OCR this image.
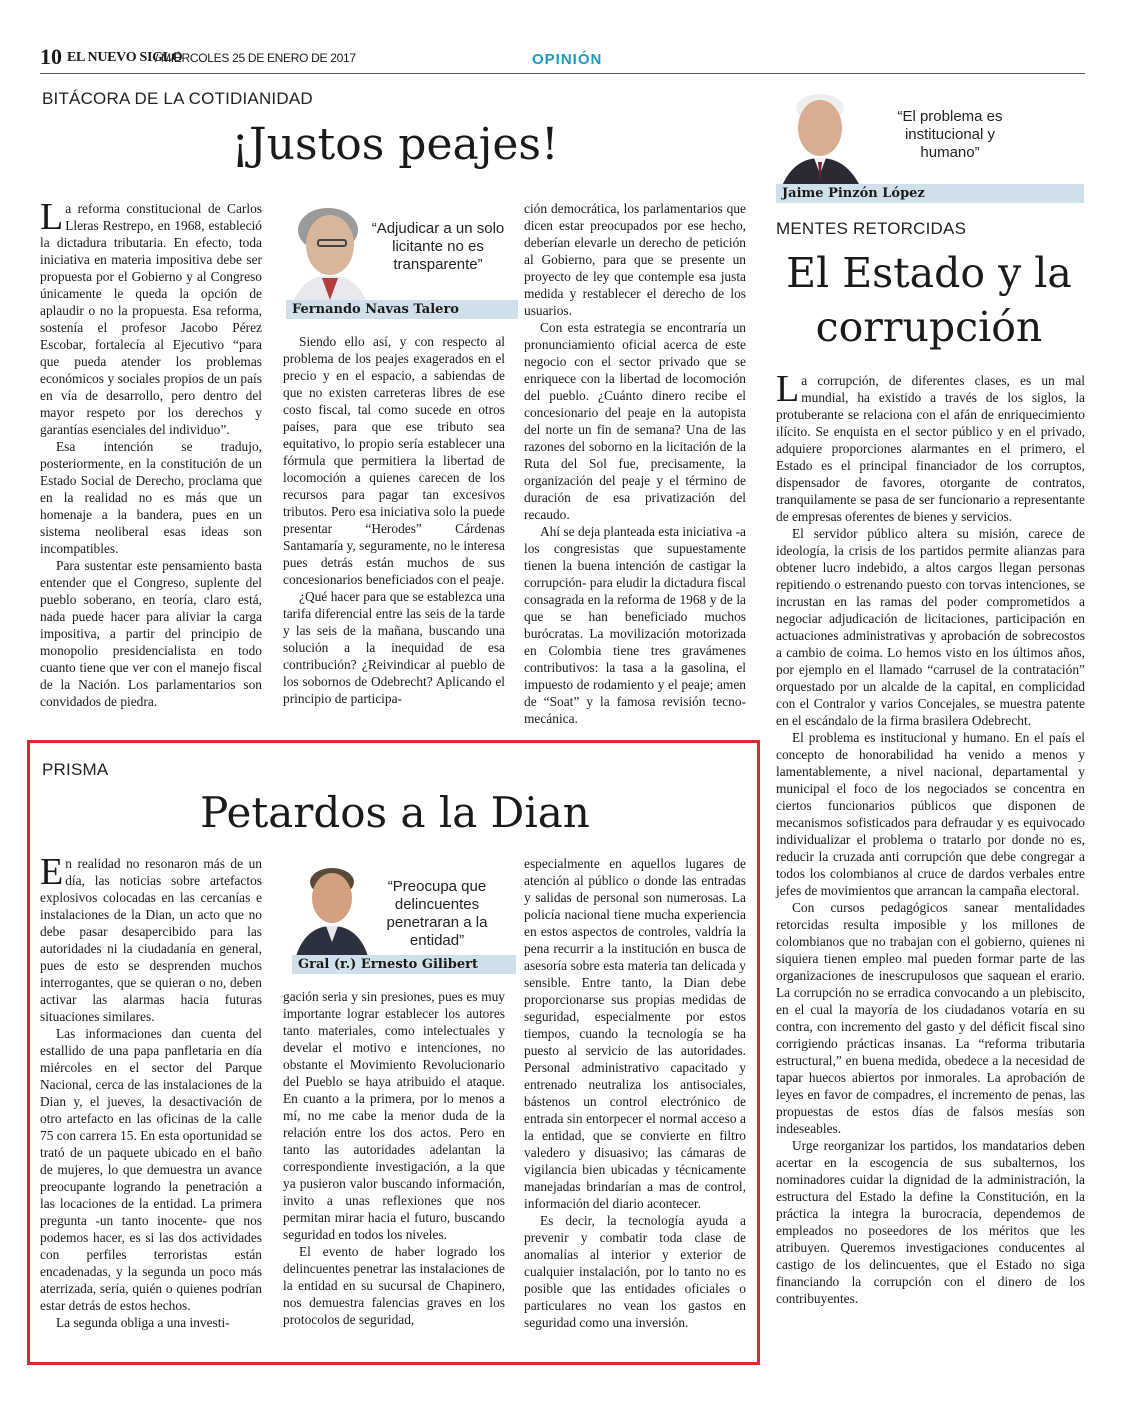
10 EL NUEVO SIGLO
/ MIÉRCOLES 25 DE ENERO DE 2017	OPINIÓN
BITÁCORA DE LA COTIDIANIDAD
¡Justos peajes!

La reforma constitucional de Carlos Lleras Restrepo, en 1968, estableció la dictadura tributaria. En efecto, toda iniciativa en materia impositiva debe ser propuesta por el Gobierno y al Congreso únicamente le queda la opción de aplaudir o no la propuesta. Esa reforma, sostenía el profesor Jacobo Pérez Escobar, fortalecía al Ejecutivo “para que pueda atender los problemas económicos y sociales propios de un país en vía de desarrollo, pero dentro del mayor respeto por los derechos y garantías esenciales del individuo”.

Esa intención se tradujo, posteriormente, en la constitución de un Estado Social de Derecho, proclama que en la realidad no es más que un homenaje a la bandera, pues en un sistema neoliberal esas ideas son incompatibles.

Para sustentar este pensamiento basta entender que el Congreso, suplente del pueblo soberano, en teoría, claro está, nada puede hacer para aliviar la carga impositiva, a partir del principio de monopolio presidencialista en todo cuanto tiene que ver con el manejo fiscal de la Nación. Los parlamentarios son convidados de piedra.

“Adjudicar a un solo licitante no es transparente”
Fernando Navas Talero

Siendo ello así, y con respecto al problema de los peajes exagerados en el precio y en el espacio, a sabiendas de que no existen carreteras libres de ese costo fiscal, tal como sucede en otros países, para que ese tributo sea equitativo, lo propio sería establecer una fórmula que permitiera la libertad de locomoción a quienes carecen de los recursos para pagar tan excesivos tributos. Pero esa iniciativa solo la puede presentar “Herodes” Cárdenas Santamaría y, seguramente, no le interesa pues detrás están muchos de sus concesionarios beneficiados con el peaje.

¿Qué hacer para que se establezca una tarifa diferencial entre las seis de la tarde y las seis de la mañana, buscando una solución a la inequidad de esa contribución? ¿Reivindicar al pueblo de los sobornos de Odebrecht? Aplicando el principio de participa-

ción democrática, los parlamentarios que dicen estar preocupados por ese hecho, deberían elevarle un derecho de petición al Gobierno, para que se presente un proyecto de ley que contemple esa justa medida y restablecer el derecho de los usuarios.

Con esta estrategia se encontraría un pronunciamiento oficial acerca de este negocio con el sector privado que se enriquece con la libertad de locomoción del pueblo. ¿Cuánto dinero recibe el concesionario del peaje en la autopista del norte un fin de semana? Una de las razones del soborno en la licitación de la Ruta del Sol fue, precisamente, la organización del peaje y el término de duración de esa privatización del recaudo.

Ahí se deja planteada esta iniciativa -a los congresistas que supuestamente tienen la buena intención de castigar la corrupción- para eludir la dictadura fiscal consagrada en la reforma de 1968 y de la que se han beneficiado muchos burócratas. La movilización motorizada en Colombia tiene tres gravámenes contributivos: la tasa a la gasolina, el impuesto de rodamiento y el peaje; amen de “Soat” y la famosa revisión tecno-mecánica.

“El problema es institucional y humano”
Jaime Pinzón López
MENTES RETORCIDAS
El Estado y la
corrupción

La corrupción, de diferentes clases, es un mal mundial, ha existido a través de los siglos, la protuberante se relaciona con el afán de enriquecimiento ilícito. Se enquista en el sector público y en el privado, adquiere proporciones alarmantes en el primero, el Estado es el principal financiador de los corruptos, dispensador de favores, otorgante de contratos, tranquilamente se pasa de ser funcionario a representante de empresas oferentes de bienes y servicios.

El servidor público altera su misión, carece de ideología, la crisis de los partidos permite alianzas para obtener lucro indebido, a altos cargos llegan personas repitiendo o estrenando puesto con torvas intenciones, se incrustan en las ramas del poder comprometidos a negociar adjudicación de licitaciones, participación en actuaciones administrativas y aprobación de sobrecostos a cambio de coima. Lo hemos visto en los últimos años, por ejemplo en el llamado “carrusel de la contratación” orquestado por un alcalde de la capital, en complicidad con el Contralor y varios Concejales, se muestra patente en el escándalo de la firma brasilera Odebrecht.

El problema es institucional y humano. En el país el concepto de honorabilidad ha venido a menos y lamentablemente, a nivel nacional, departamental y municipal el foco de los negociados se concentra en ciertos funcionarios públicos que disponen de mecanismos sofisticados para defraudar y es equivocado individualizar el problema o tratarlo por donde no es, reducir la cruzada anti corrupción que debe congregar a todos los colombianos al cruce de dardos verbales entre jefes de movimientos que arrancan la campaña electoral.

Con cursos pedagógicos sanear mentalidades retorcidas resulta imposible y los millones de colombianos que no trabajan con el gobierno, quienes ni siquiera tienen empleo mal pueden formar parte de las organizaciones de inescrupulosos que saquean el erario. La corrupción no se erradica convocando a un plebiscito, en el cual la mayoría de los ciudadanos votaría en su contra, con incremento del gasto y del déficit fiscal sino corrigiendo prácticas insanas. La “reforma tributaria estructural,” en buena medida, obedece a la necesidad de tapar huecos abiertos por inmorales. La aprobación de leyes en favor de compadres, el incremento de penas, las propuestas de estos días de falsos mesías son indeseables.

Urge reorganizar los partidos, los mandatarios deben acertar en la escogencia de sus subalternos, los nominadores cuidar la dignidad de la administración, la estructura del Estado la define la Constitución, en la práctica la integra la burocracia, dependemos de empleados no poseedores de los méritos que les atribuyen. Queremos investigaciones conducentes al castigo de los delincuentes, que el Estado no siga financiando la corrupción con el dinero de los contribuyentes.

PRISMA
Petardos a la Dian

En realidad no resonaron más de un día, las noticias sobre artefactos explosivos colocadas en las cercanías e instalaciones de la Dian, un acto que no debe pasar desapercibido para las autoridades ni la ciudadanía en general, pues de esto se desprenden muchos interrogantes, que se quieran o no, deben activar las alarmas hacia futuras situaciones similares.

Las informaciones dan cuenta del estallido de una papa panfletaria en día miércoles en el sector del Parque Nacional, cerca de las instalaciones de la Dian y, el jueves, la desactivación de otro artefacto en las oficinas de la calle 75 con carrera 15. En esta oportunidad se trató de un paquete ubicado en el baño de mujeres, lo que demuestra un avance preocupante logrando la penetración a las locaciones de la entidad. La primera pregunta -un tanto inocente- que nos podemos hacer, es si las dos actividades con perfiles terroristas están encadenadas, y la segunda un poco más aterrizada, sería, quién o quienes podrían estar detrás de estos hechos.

La segunda obliga a una investi-

“Preocupa que delincuentes penetraran a la entidad”
Gral (r.) Ernesto Gilibert

gación seria y sin presiones, pues es muy importante lograr establecer los autores tanto materiales, como intelectuales y develar el motivo e intenciones, no obstante el Movimiento Revolucionario del Pueblo se haya atribuido el ataque. En cuanto a la primera, por lo menos a mí, no me cabe la menor duda de la relación entre los dos actos. Pero en tanto las autoridades adelantan la correspondiente investigación, a la que ya pusieron valor buscando información, invito a unas reflexiones que nos permitan mirar hacia el futuro, buscando seguridad en todos los niveles.

El evento de haber logrado los delincuentes penetrar las instalaciones de la entidad en su sucursal de Chapinero, nos demuestra falencias graves en los protocolos de seguridad,

especialmente en aquellos lugares de atención al público o donde las entradas y salidas de personal son numerosas. La policía nacional tiene mucha experiencia en estos aspectos de controles, valdría la pena recurrir a la institución en busca de asesoría sobre esta materia tan delicada y sensible. Entre tanto, la Dian debe proporcionarse sus propias medidas de seguridad, especialmente por estos tiempos, cuando la tecnología se ha puesto al servicio de las autoridades. Personal administrativo capacitado y entrenado neutraliza los antisociales, bástenos un control electrónico de entrada sin entorpecer el normal acceso a la entidad, que se convierte en filtro valedero y disuasivo; las cámaras de vigilancia bien ubicadas y técnicamente manejadas brindarían a mas de control, información del diario acontecer.

Es decir, la tecnología ayuda a prevenir y combatir toda clase de anomalías al interior y exterior de cualquier instalación, por lo tanto no es posible que las entidades oficiales o particulares no vean los gastos en seguridad como una inversión.
